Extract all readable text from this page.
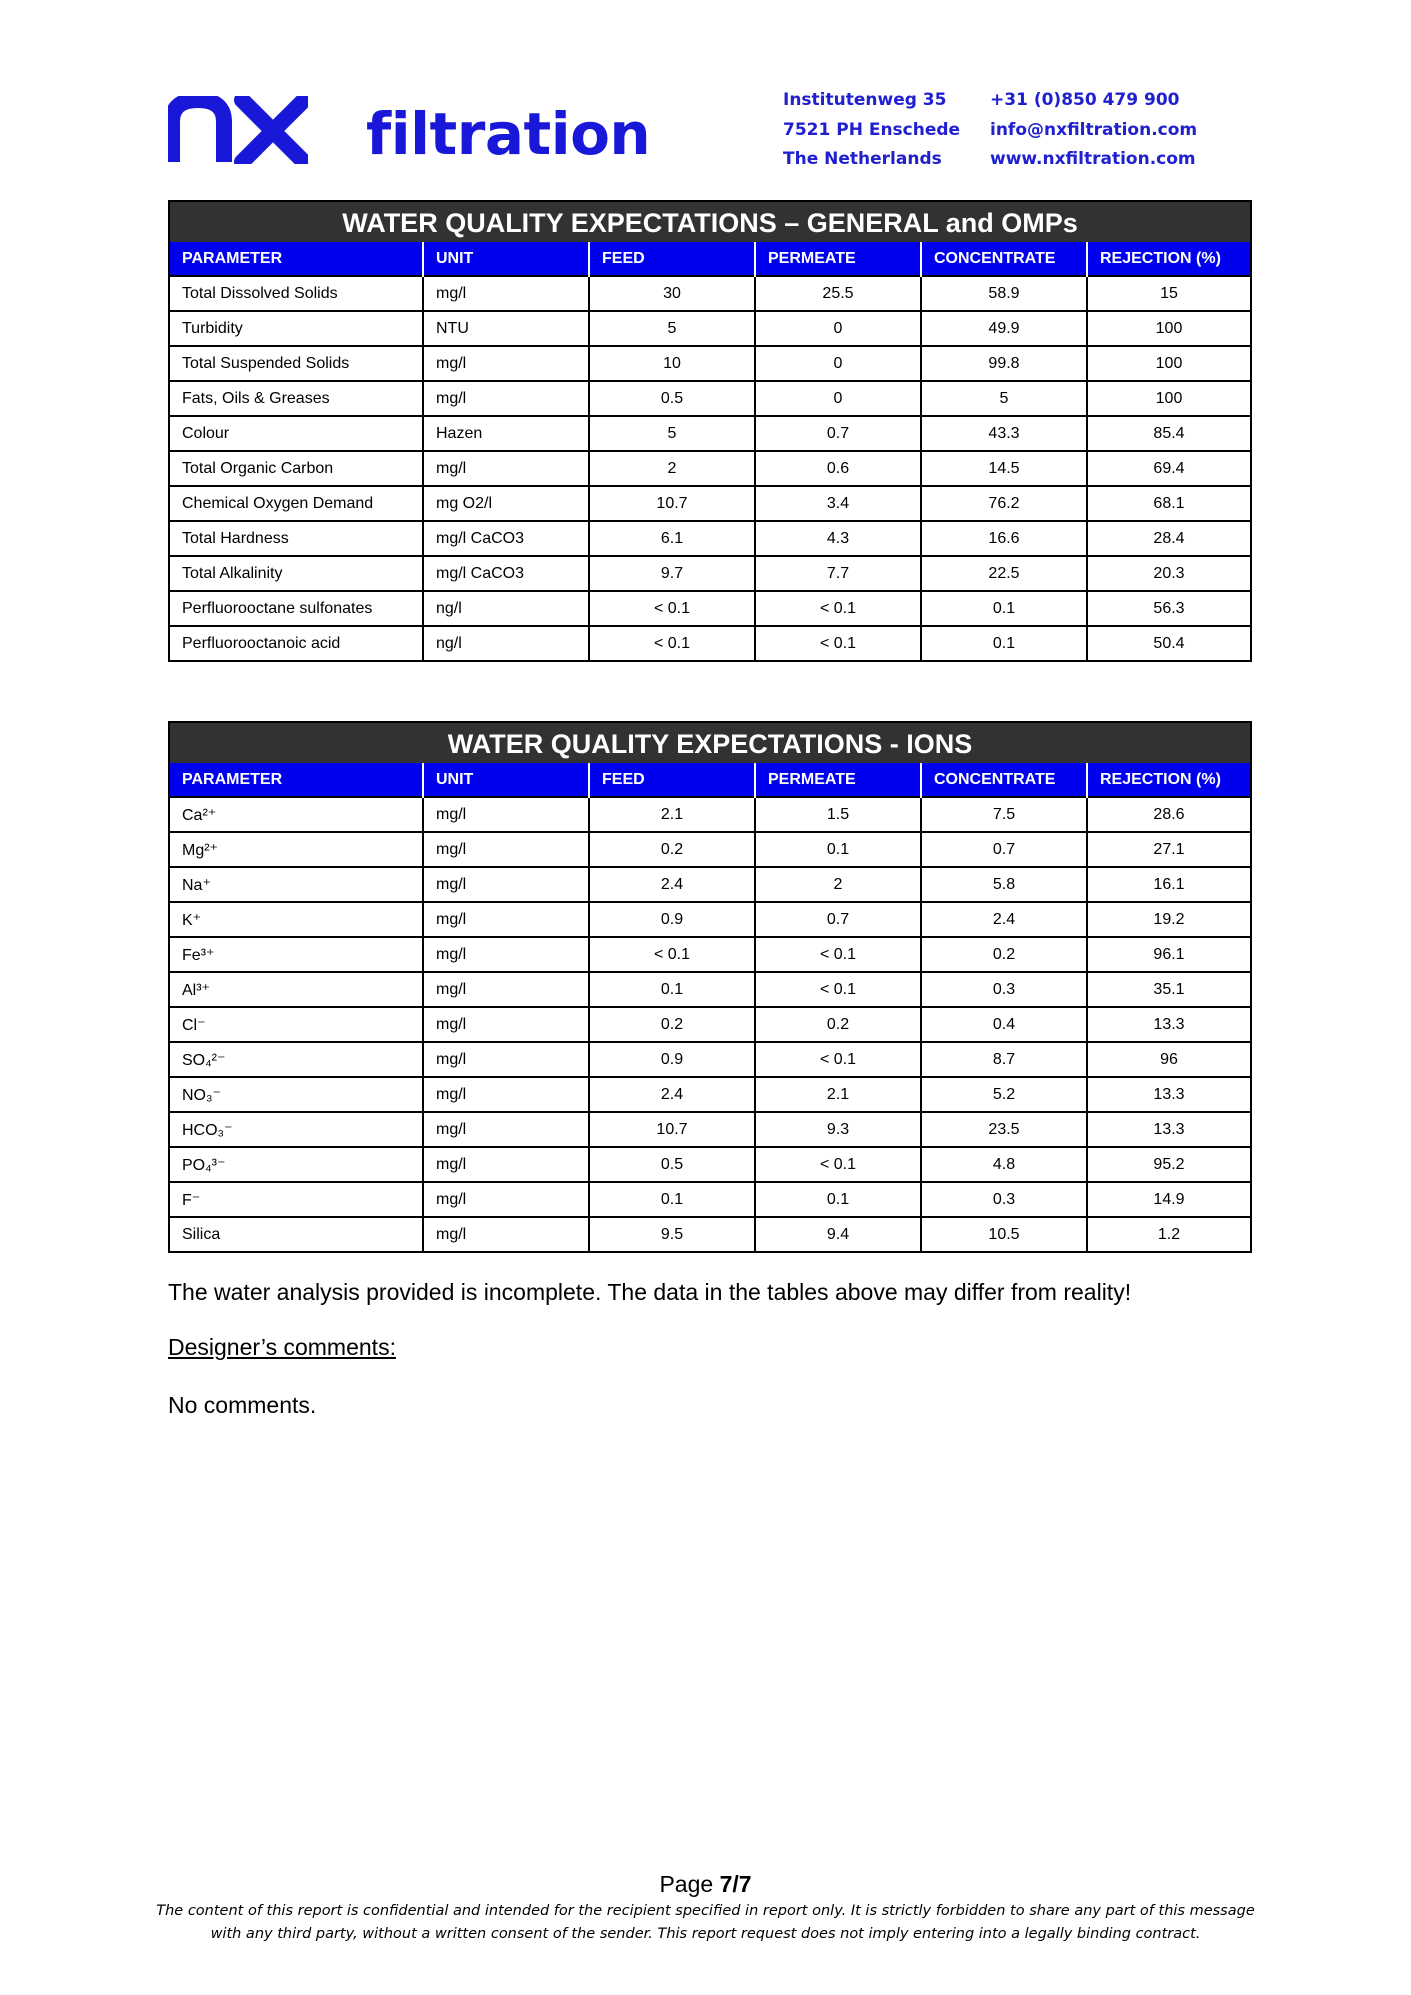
filtration	Institutenweg 35
7521 PH Enschede
The Netherlands
+31 (0)850 479 900
info@nxfiltration.com
www.nxfiltration.com
WATER QUALITY EXPECTATIONS – GENERAL and OMPs
PARAMETER	UNIT	FEED	PERMEATE	CONCENTRATE	REJECTION (%)
Total Dissolved Solids	mg/l	30	25.5	58.9	15
Turbidity	NTU	5	0	49.9	100
Total Suspended Solids	mg/l	10	0	99.8	100
Fats, Oils & Greases	mg/l	0.5	0	5	100
Colour	Hazen	5	0.7	43.3	85.4
Total Organic Carbon	mg/l	2	0.6	14.5	69.4
Chemical Oxygen Demand	mg O2/l	10.7	3.4	76.2	68.1
Total Hardness	mg/l CaCO3	6.1	4.3	16.6	28.4
Total Alkalinity	mg/l CaCO3	9.7	7.7	22.5	20.3
Perfluorooctane sulfonates	ng/l	< 0.1	< 0.1	0.1	56.3
Perfluorooctanoic acid	ng/l	< 0.1	< 0.1	0.1	50.4
WATER QUALITY EXPECTATIONS - IONS
PARAMETER	UNIT	FEED	PERMEATE	CONCENTRATE	REJECTION (%)
Ca²⁺	mg/l	2.1	1.5	7.5	28.6
Mg²⁺	mg/l	0.2	0.1	0.7	27.1
Na⁺	mg/l	2.4	2	5.8	16.1
K⁺	mg/l	0.9	0.7	2.4	19.2
Fe³⁺	mg/l	< 0.1	< 0.1	0.2	96.1
Al³⁺	mg/l	0.1	< 0.1	0.3	35.1
Cl⁻	mg/l	0.2	0.2	0.4	13.3
SO₄²⁻	mg/l	0.9	< 0.1	8.7	96
NO₃⁻	mg/l	2.4	2.1	5.2	13.3
HCO₃⁻	mg/l	10.7	9.3	23.5	13.3
PO₄³⁻	mg/l	0.5	< 0.1	4.8	95.2
F⁻	mg/l	0.1	0.1	0.3	14.9
Silica	mg/l	9.5	9.4	10.5	1.2
The water analysis provided is incomplete. The data in the tables above may differ from reality!
Designer’s comments:
No comments.
Page 7/7
The content of this report is confidential and intended for the recipient specified in report only. It is strictly forbidden to share any part of this message
with any third party, without a written consent of the sender. This report request does not imply entering into a legally binding contract.
